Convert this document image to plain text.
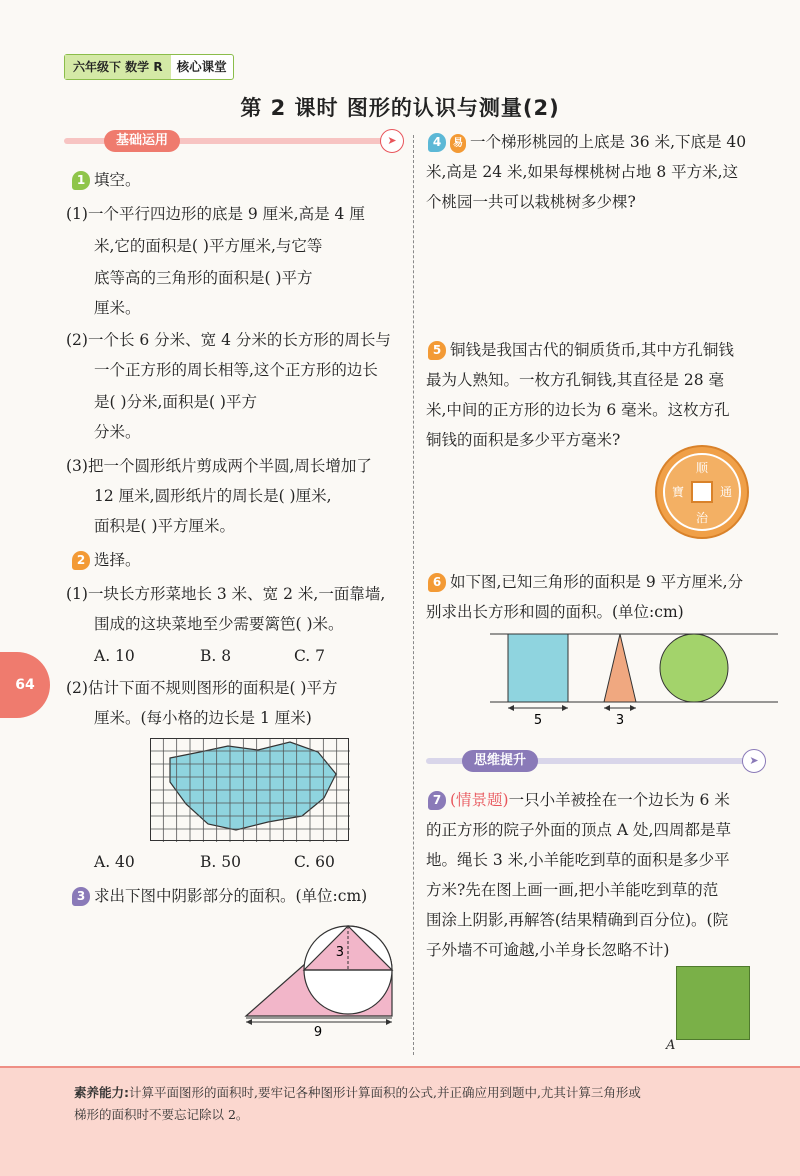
六年级下 数学 R	核心课堂
第 2 课时 图形的认识与测量(2)
基础运用	➤
1 填空。
(1)一个平行四边形的底是 9 厘米,高是 4 厘
米,它的面积是( )平方厘米,与它等
底等高的三角形的面积是( )平方
厘米。
(2)一个长 6 分米、宽 4 分米的长方形的周长与
一个正方形的周长相等,这个正方形的边长
是( )分米,面积是( )平方
分米。
(3)把一个圆形纸片剪成两个半圆,周长增加了
12 厘米,圆形纸片的周长是( )厘米,
面积是( )平方厘米。
2 选择。
(1)一块长方形菜地长 3 米、宽 2 米,一面靠墙,
围成的这块菜地至少需要篱笆( )米。
A. 10	B. 8	C. 7
(2)估计下面不规则图形的面积是( )平方
厘米。(每小格的边长是 1 厘米)
A. 40	B. 50	C. 60
3 求出下图中阴影部分的面积。(单位:cm)
3
9
64
4 易 一个梯形桃园的上底是 36 米,下底是 40
米,高是 24 米,如果每棵桃树占地 8 平方米,这
个桃园一共可以栽桃树多少棵?
5 铜钱是我国古代的铜质货币,其中方孔铜钱
最为人熟知。一枚方孔铜钱,其直径是 28 毫
米,中间的正方形的边长为 6 毫米。这枚方孔
铜钱的面积是多少平方毫米?
顺
通
治
寶
6 如下图,已知三角形的面积是 9 平方厘米,分
别求出长方形和圆的面积。(单位:cm)
5	3
思维提升	➤
7 (情景题)一只小羊被拴在一个边长为 6 米
的正方形的院子外面的顶点 A 处,四周都是草
地。绳长 3 米,小羊能吃到草的面积是多少平
方米?先在图上画一画,把小羊能吃到草的范
围涂上阴影,再解答(结果精确到百分位)。(院
子外墙不可逾越,小羊身长忽略不计)
A
素养能力:计算平面图形的面积时,要牢记各种图形计算面积的公式,并正确应用到题中,尤其计算三角形或
梯形的面积时不要忘记除以 2。
